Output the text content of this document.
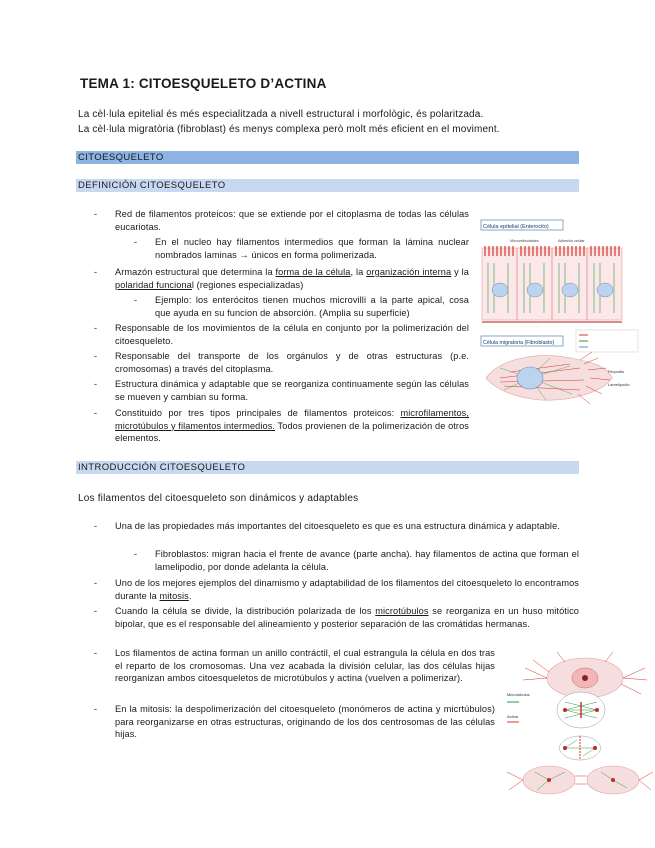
TEMA 1: CITOESQUELETO D’ACTINA
La cèl·lula epitelial és més especialitzada a nivell estructural i morfològic, és polaritzada.
La cèl·lula migratòria (fibroblast) és menys complexa però molt més eficient en el moviment.
CITOESQUELETO
DEFINICIÓN CITOESQUELETO
- Red de filamentos proteicos: que se extiende por el citoplasma de todas las células eucariotas.
- En el nucleo hay filamentos intermedios que forman la lámina nuclear nombrados laminas → únicos en forma polimerizada.
- Armazón estructural que determina la forma de la célula, la organización interna y la polaridad funcional (regiones especializadas)
- Ejemplo: los enterócitos tienen muchos microvilli a la parte apical, cosa que ayuda en su funcion de absorción. (Amplia su superficie)
- Responsable de los movimientos de la célula en conjunto por la polimerización del citoesqueleto.
- Responsable del transporte de los orgánulos y de otras estructuras (p.e. cromosomas) a través del citoplasma.
- Estructura dinámica y adaptable que se reorganiza continuamente según las células se mueven y cambian su forma.
- Constituido por tres tipos principales de filamentos proteicos: microfilamentos, microtúbulos y filamentos intermedios. Todos provienen de la polimerización de otros elementos.
Célula epitelial (Enterocito)
Microvellosidades	Adhesión celular
· · · · · · · · · · ·
Célula migratoria (Fibroblasto)
Filopodio
Lamelipodio
INTRODUCCIÓN CITOESQUELETO
Los filamentos del citoesqueleto son dinámicos y adaptables
- Una de las propiedades más importantes del citoesqueleto es que es una estructura dinámica y adaptable.
- Fibroblastos: migran hacia el frente de avance (parte ancha). hay filamentos de actina que forman el lamelipodio, por donde adelanta la célula.
- Uno de los mejores ejemplos del dinamismo y adaptabilidad de los filamentos del citoesqueleto lo encontramos durante la mitosis.
- Cuando la célula se divide, la distribución polarizada de los microtúbulos se reorganiza en un huso mitótico bipolar, que es el responsable del alineamiento y posterior separación de las cromátidas hermanas.
- Los filamentos de actina forman un anillo contráctil, el cual estrangula la célula en dos tras el reparto de los cromosomas. Una vez acabada la división celular, las dos células hijas reorganizan ambos citoesqueletos de microtúbulos y actina (vuelven a polimerizar).
- En la mitosis: la despolimerización del citoesqueleto (monómeros de actina y micrtúbulos) para reorganizarse en otras estructuras, originando de los dos centrosomas de las células hijas.
Microtúbulos
Actina
